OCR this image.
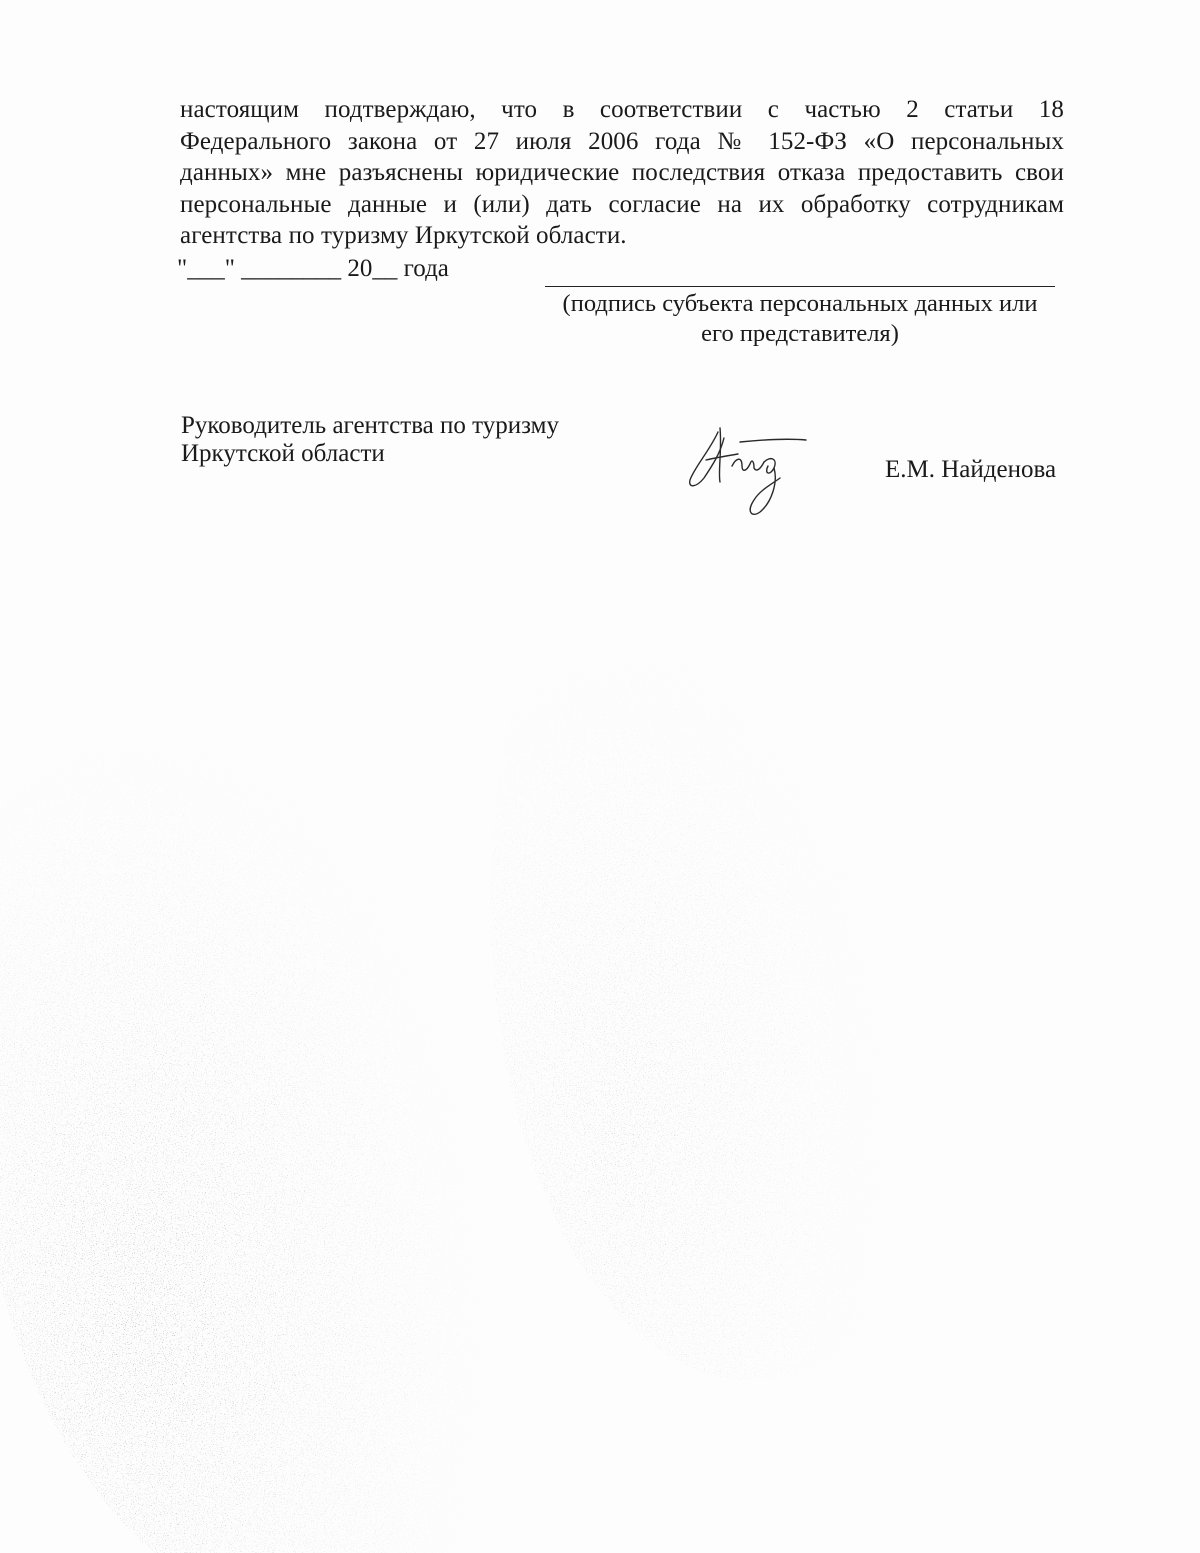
настоящим подтверждаю, что в соответствии с частью 2 статьи 18
Федерального закона от 27 июля 2006 года № 152-ФЗ «О персональных
данных» мне разъяснены юридические последствия отказа предоставить свои
персональные данные и (или) дать согласие на их обработку сотрудникам
агентства по туризму Иркутской области.
"___" ________ 20__ года
(подпись субъекта персональных данных или
его представителя)
Руководитель агентства по туризму
Иркутской области
Е.М. Найденова
